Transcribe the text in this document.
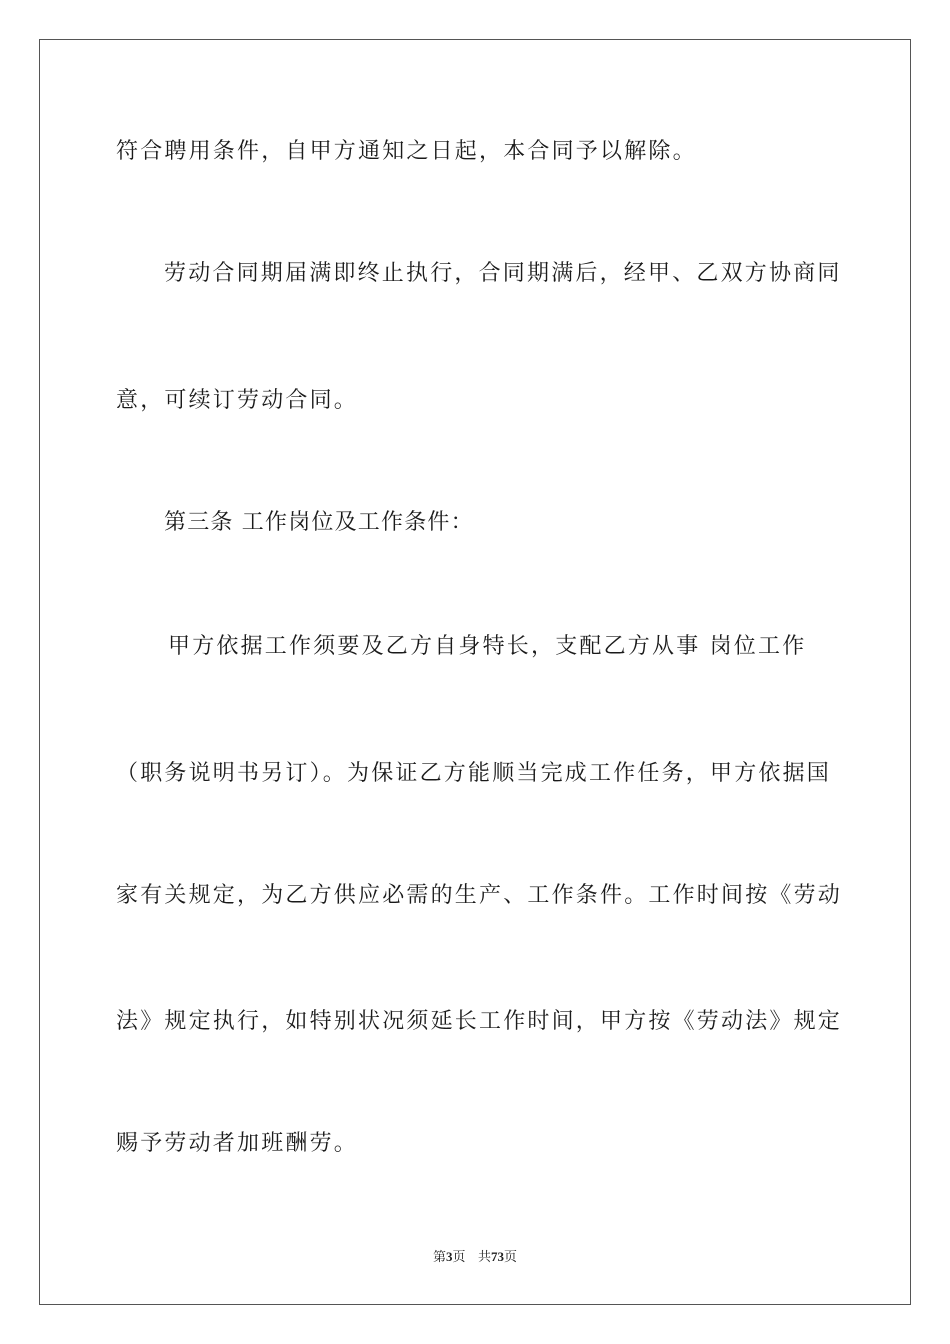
符合聘用条件，自甲方通知之日起，本合同予以解除。
劳动合同期届满即终止执行，合同期满后，经甲、乙双方协商同
意，可续订劳动合同。
第三条 工作岗位及工作条件：
甲方依据工作须要及乙方自身特长，支配乙方从事 岗位工作
（职务说明书另订）。为保证乙方能顺当完成工作任务，甲方依据国
家有关规定，为乙方供应必需的生产、工作条件。工作时间按《劳动
法》规定执行，如特别状况须延长工作时间，甲方按《劳动法》规定
赐予劳动者加班酬劳。
第3页 共73页
